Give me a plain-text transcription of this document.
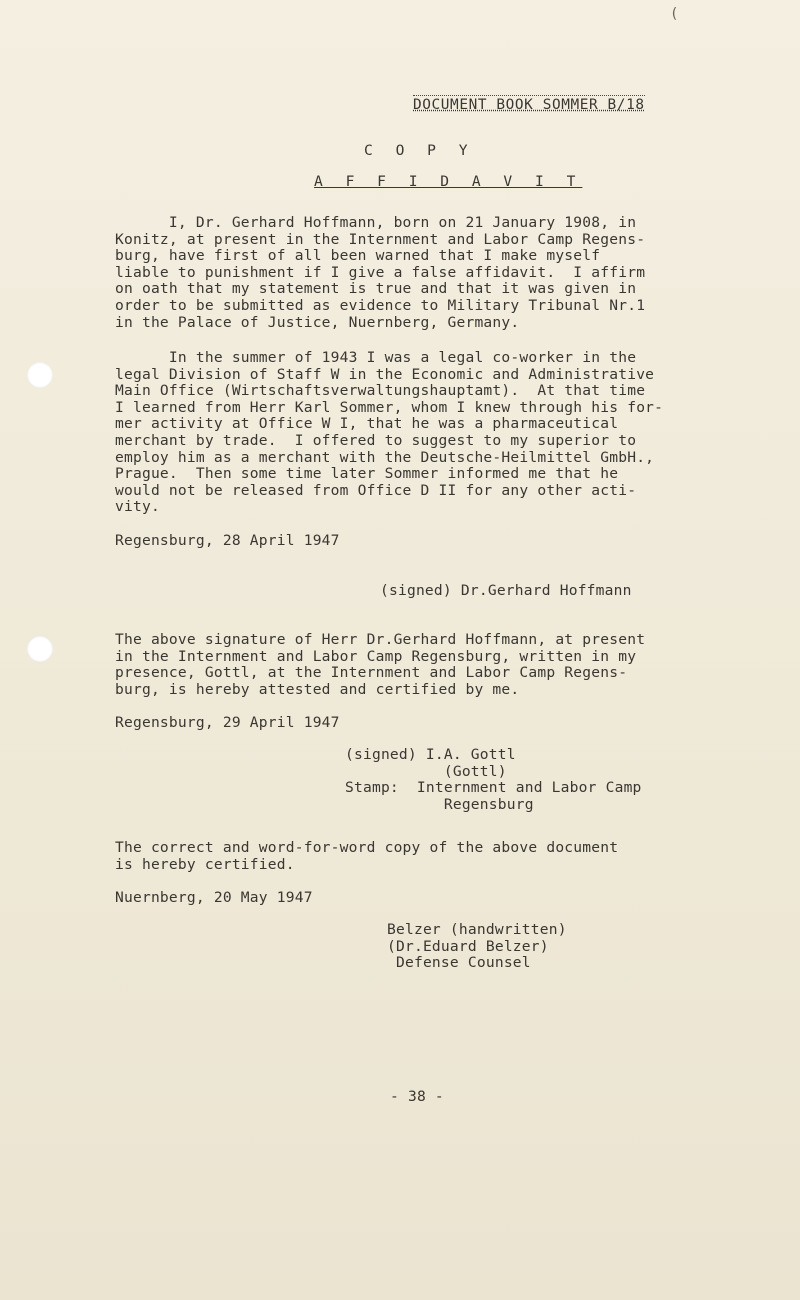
(
DOCUMENT BOOK SOMMER B/18
C O P Y
A F F I D A V I T
I, Dr. Gerhard Hoffmann, born on 21 January 1908, in
Konitz, at present in the Internment and Labor Camp Regens-
burg, have first of all been warned that I make myself
liable to punishment if I give a false affidavit.  I affirm
on oath that my statement is true and that it was given in
order to be submitted as evidence to Military Tribunal Nr.1
in the Palace of Justice, Nuernberg, Germany.
In the summer of 1943 I was a legal co-worker in the
legal Division of Staff W in the Economic and Administrative
Main Office (Wirtschaftsverwaltungshauptamt).  At that time
I learned from Herr Karl Sommer, whom I knew through his for-
mer activity at Office W I, that he was a pharmaceutical
merchant by trade.  I offered to suggest to my superior to
employ him as a merchant with the Deutsche-Heilmittel GmbH.,
Prague.  Then some time later Sommer informed me that he
would not be released from Office D II for any other acti-
vity.
Regensburg, 28 April 1947
(signed) Dr.Gerhard Hoffmann
The above signature of Herr Dr.Gerhard Hoffmann, at present
in the Internment and Labor Camp Regensburg, written in my
presence, Gottl, at the Internment and Labor Camp Regens-
burg, is hereby attested and certified by me.
Regensburg, 29 April 1947
(signed) I.A. Gottl
(Gottl)
Stamp:  Internment and Labor Camp
Regensburg
The correct and word-for-word copy of the above document
is hereby certified.
Nuernberg, 20 May 1947
Belzer (handwritten)
(Dr.Eduard Belzer)
Defense Counsel
- 38 -
